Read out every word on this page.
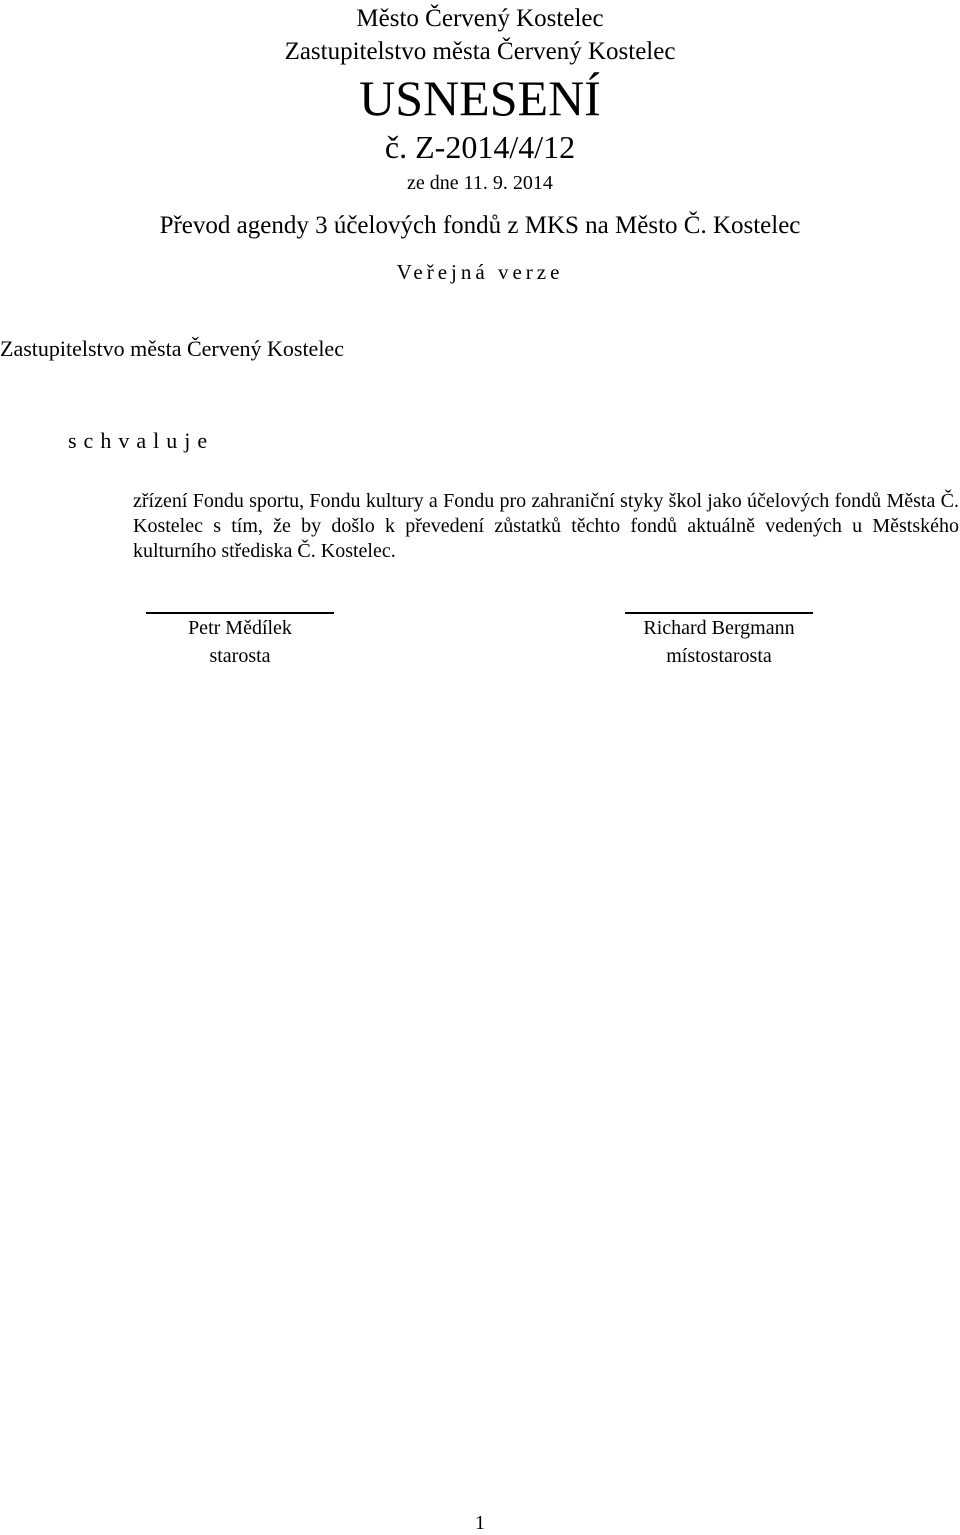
Město Červený Kostelec
Zastupitelstvo města Červený Kostelec
USNESENÍ
č. Z-2014/4/12
ze dne 11. 9. 2014
Převod agendy 3 účelových fondů z MKS na Město Č. Kostelec
Veřejná verze
Zastupitelstvo města Červený Kostelec
schvaluje
zřízení Fondu sportu, Fondu kultury a Fondu pro zahraniční styky škol jako účelových fondů Města Č. Kostelec s tím, že by došlo k převedení zůstatků těchto fondů aktuálně vedených u Městského kulturního střediska Č. Kostelec.
Petr Mědílek
starosta
Richard Bergmann
místostarosta
1
